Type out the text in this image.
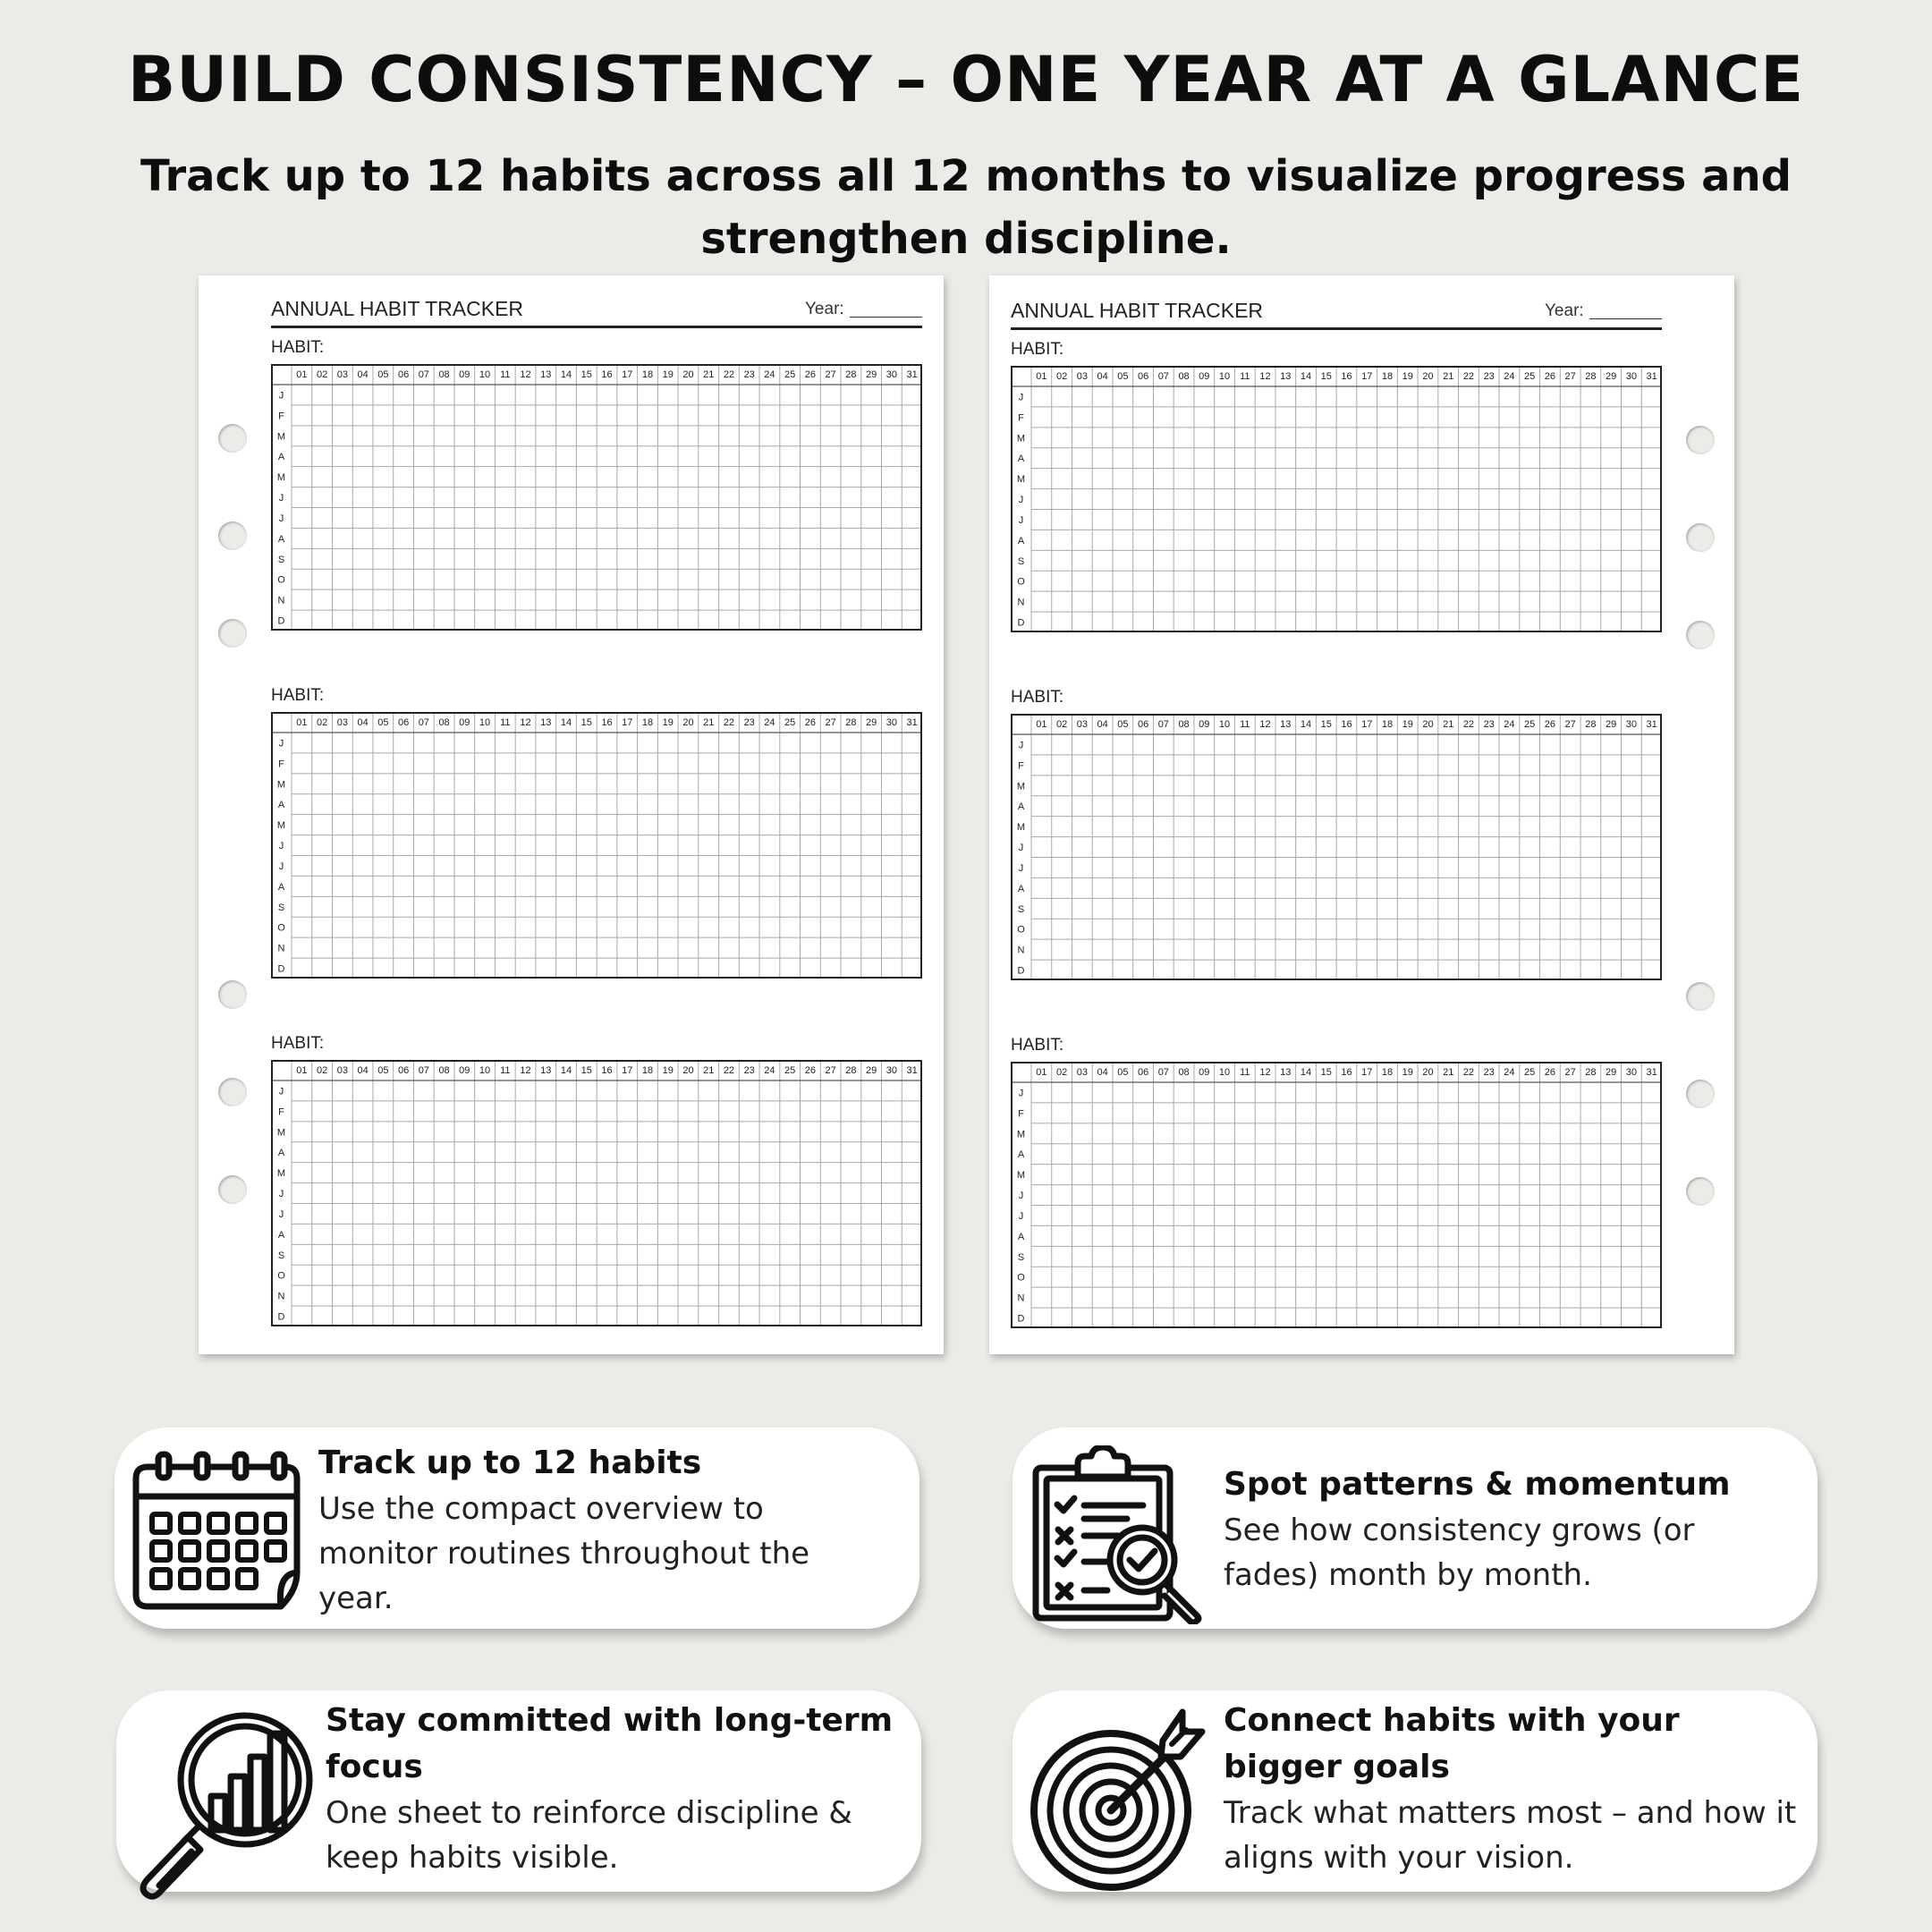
BUILD CONSISTENCY – ONE YEAR AT A GLANCE
Track up to 12 habits across all 12 months to visualize progress and strengthen discipline.
ANNUAL HABIT TRACKER	Year:
HABIT:
01 02 03 04 05 06 07 08 09 10 11 12 13 14 15 16 17 18 19 20 21 22 23 24 25 26 27 28 29 30 31
J
F
M
A
M
J
J
A
S
O
N
D
HABIT:
01 02 03 04 05 06 07 08 09 10 11 12 13 14 15 16 17 18 19 20 21 22 23 24 25 26 27 28 29 30 31
J
F
M
A
M
J
J
A
S
O
N
D
HABIT:
01 02 03 04 05 06 07 08 09 10 11 12 13 14 15 16 17 18 19 20 21 22 23 24 25 26 27 28 29 30 31
J
F
M
A
M
J
J
A
S
O
N
D
ANNUAL HABIT TRACKER	Year:
HABIT:
01 02 03 04 05 06 07 08 09 10 11 12 13 14 15 16 17 18 19 20 21 22 23 24 25 26 27 28 29 30 31
J
F
M
A
M
J
J
A
S
O
N
D
HABIT:
01 02 03 04 05 06 07 08 09 10 11 12 13 14 15 16 17 18 19 20 21 22 23 24 25 26 27 28 29 30 31
J
F
M
A
M
J
J
A
S
O
N
D
HABIT:
01 02 03 04 05 06 07 08 09 10 11 12 13 14 15 16 17 18 19 20 21 22 23 24 25 26 27 28 29 30 31
J
F
M
A
M
J
J
A
S
O
N
D
Track up to 12 habits
Use the compact overview to monitor routines throughout the year.
Spot patterns & momentum
See how consistency grows (or fades) month by month.
Stay committed with long-term focus
One sheet to reinforce discipline & keep habits visible.
Connect habits with your bigger goals
Track what matters most – and how it aligns with your vision.
